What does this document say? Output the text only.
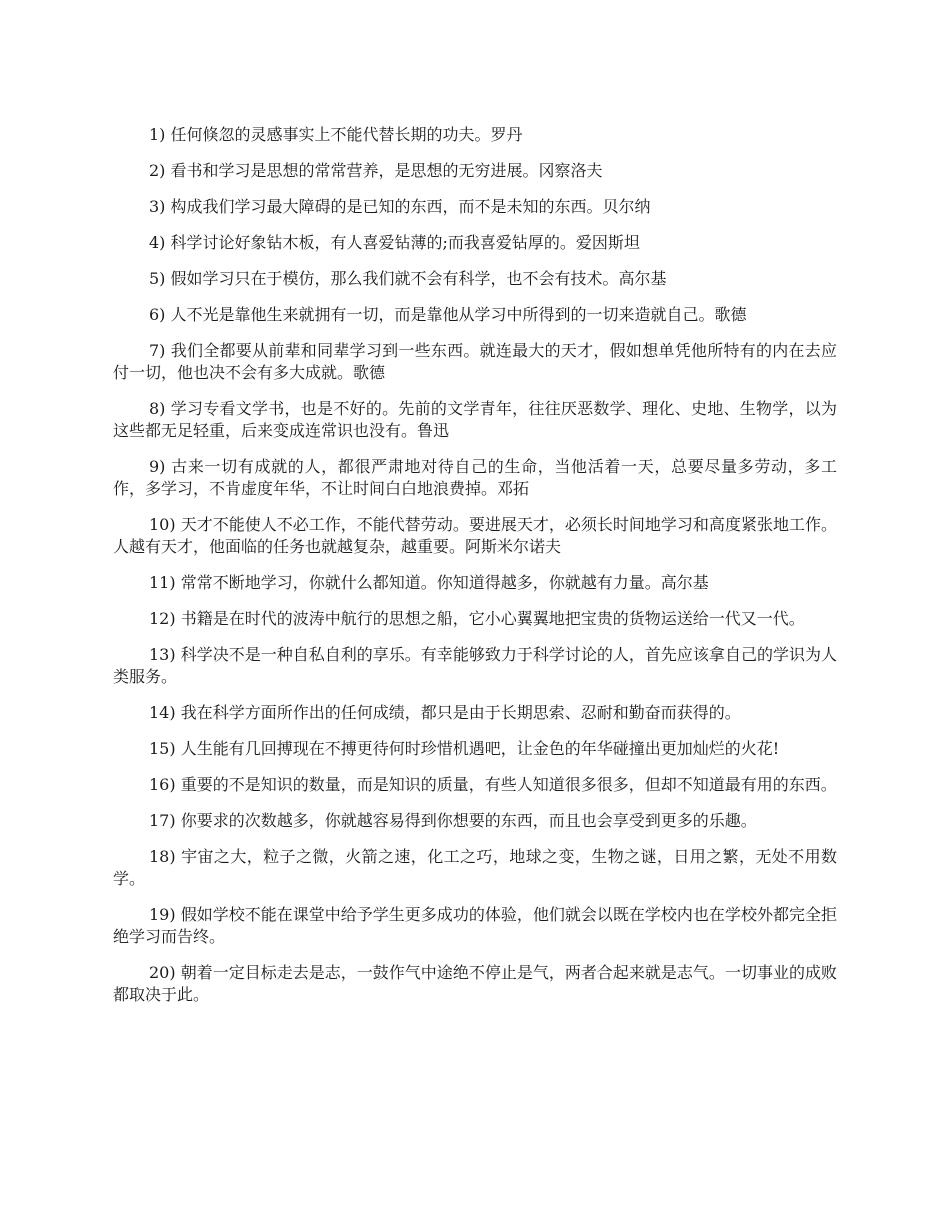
1) 任何倏忽的灵感事实上不能代替长期的功夫。罗丹

2) 看书和学习是思想的常常营养，是思想的无穷进展。冈察洛夫

3) 构成我们学习最大障碍的是已知的东西，而不是未知的东西。贝尔纳

4) 科学讨论好象钻木板，有人喜爱钻薄的;而我喜爱钻厚的。爱因斯坦

5) 假如学习只在于模仿，那么我们就不会有科学，也不会有技术。高尔基

6) 人不光是靠他生来就拥有一切，而是靠他从学习中所得到的一切来造就自己。歌德

7) 我们全都要从前辈和同辈学习到一些东西。就连最大的天才，假如想单凭他所特有的内在去应付一切，他也决不会有多大成就。歌德

8) 学习专看文学书，也是不好的。先前的文学青年，往往厌恶数学、理化、史地、生物学，以为这些都无足轻重，后来变成连常识也没有。鲁迅

9) 古来一切有成就的人，都很严肃地对待自己的生命，当他活着一天，总要尽量多劳动，多工作，多学习，不肯虚度年华，不让时间白白地浪费掉。邓拓

10) 天才不能使人不必工作，不能代替劳动。要进展天才，必须长时间地学习和高度紧张地工作。人越有天才，他面临的任务也就越复杂，越重要。阿斯米尔诺夫

11) 常常不断地学习，你就什么都知道。你知道得越多，你就越有力量。高尔基

12) 书籍是在时代的波涛中航行的思想之船，它小心翼翼地把宝贵的货物运送给一代又一代。

13) 科学决不是一种自私自利的享乐。有幸能够致力于科学讨论的人，首先应该拿自己的学识为人类服务。

14) 我在科学方面所作出的任何成绩，都只是由于长期思索、忍耐和勤奋而获得的。

15) 人生能有几回搏现在不搏更待何时珍惜机遇吧，让金色的年华碰撞出更加灿烂的火花!

16) 重要的不是知识的数量，而是知识的质量，有些人知道很多很多，但却不知道最有用的东西。

17) 你要求的次数越多，你就越容易得到你想要的东西，而且也会享受到更多的乐趣。

18) 宇宙之大，粒子之微，火箭之速，化工之巧，地球之变，生物之谜，日用之繁，无处不用数学。

19) 假如学校不能在课堂中给予学生更多成功的体验，他们就会以既在学校内也在学校外都完全拒绝学习而告终。

20) 朝着一定目标走去是志，一鼓作气中途绝不停止是气，两者合起来就是志气。一切事业的成败都取决于此。
